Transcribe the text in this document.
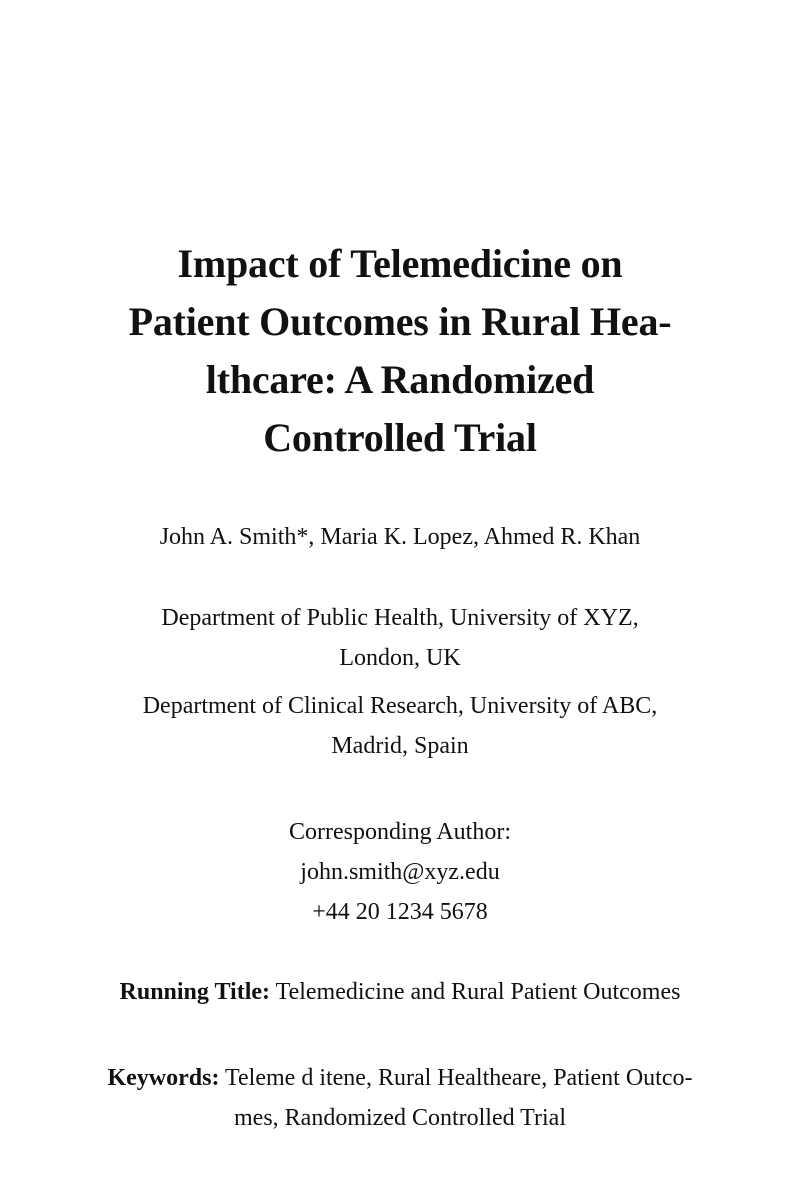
Impact of Telemedicine on
Patient Outcomes in Rural Hea-
lthcare: A Randomized
Controlled Trial
John A. Smith*, Maria K. Lopez, Ahmed R. Khan
Department of Public Health, University of XYZ,
London, UK
Department of Clinical Research, University of ABC,
Madrid, Spain
Corresponding Author:
john.smith@xyz.edu
+44 20 1234 5678
Running Title: Telemedicine and Rural Patient Outcomes
Keywords: Teleme d itene, Rural Healtheare, Patient Outco-
mes, Randomized Controlled Trial
